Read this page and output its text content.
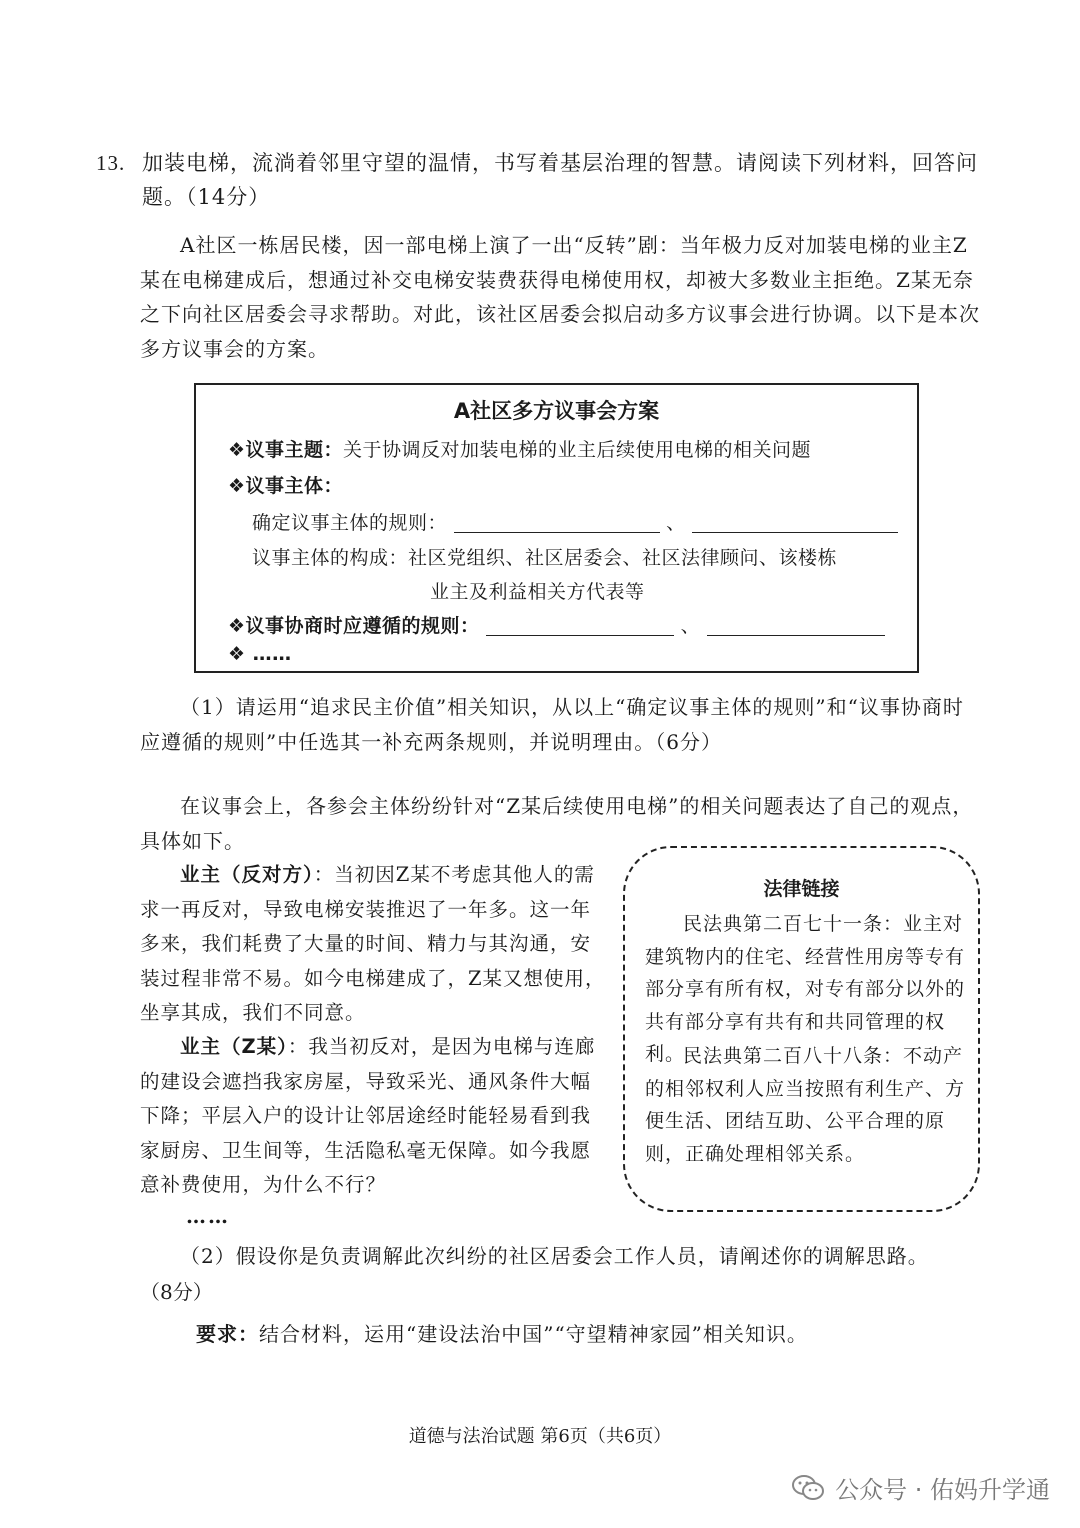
13. 加装电梯，流淌着邻里守望的温情，书写着基层治理的智慧。请阅读下列材料，回答问
题。（14分）
A社区一栋居民楼，因一部电梯上演了一出“反转”剧：当年极力反对加装电梯的业主Z某在电梯建成后，想通过补交电梯安装费获得电梯使用权，却被大多数业主拒绝。Z某无奈之下向社区居委会寻求帮助。对此，该社区居委会拟启动多方议事会进行协调。以下是本次多方议事会的方案。
A社区多方议事会方案
❖议事主题：关于协调反对加装电梯的业主后续使用电梯的相关问题
❖议事主体：
确定议事主体的规则：	、
议事主体的构成：社区党组织、社区居委会、社区法律顾问、该楼栋
业主及利益相关方代表等
❖议事协商时应遵循的规则：	、
❖ ……
（1）请运用“追求民主价值”相关知识，从以上“确定议事主体的规则”和“议事协商时应遵循的规则”中任选其一补充两条规则，并说明理由。（6分）
在议事会上，各参会主体纷纷针对“Z某后续使用电梯”的相关问题表达了自己的观点，具体如下。
业主（反对方）：当初因Z某不考虑其他人的需求一再反对，导致电梯安装推迟了一年多。这一年多来，我们耗费了大量的时间、精力与其沟通，安装过程非常不易。如今电梯建成了，Z某又想使用，坐享其成，我们不同意。
业主（Z某）：我当初反对，是因为电梯与连廊的建设会遮挡我家房屋，导致采光、通风条件大幅下降；平层入户的设计让邻居途经时能轻易看到我家厨房、卫生间等，生活隐私毫无保障。如今我愿意补费使用，为什么不行？
……
法律链接
民法典第二百七十一条：业主对建筑物内的住宅、经营性用房等专有部分享有所有权，对专有部分以外的共有部分享有共有和共同管理的权利。
民法典第二百八十八条：不动产的相邻权利人应当按照有利生产、方便生活、团结互助、公平合理的原则，正确处理相邻关系。
（2）假设你是负责调解此次纠纷的社区居委会工作人员，请阐述你的调解思路。
（8分）
要求：结合材料，运用“建设法治中国”“守望精神家园”相关知识。
道德与法治试题 第6页（共6页）
公众号 · 佑妈升学通
